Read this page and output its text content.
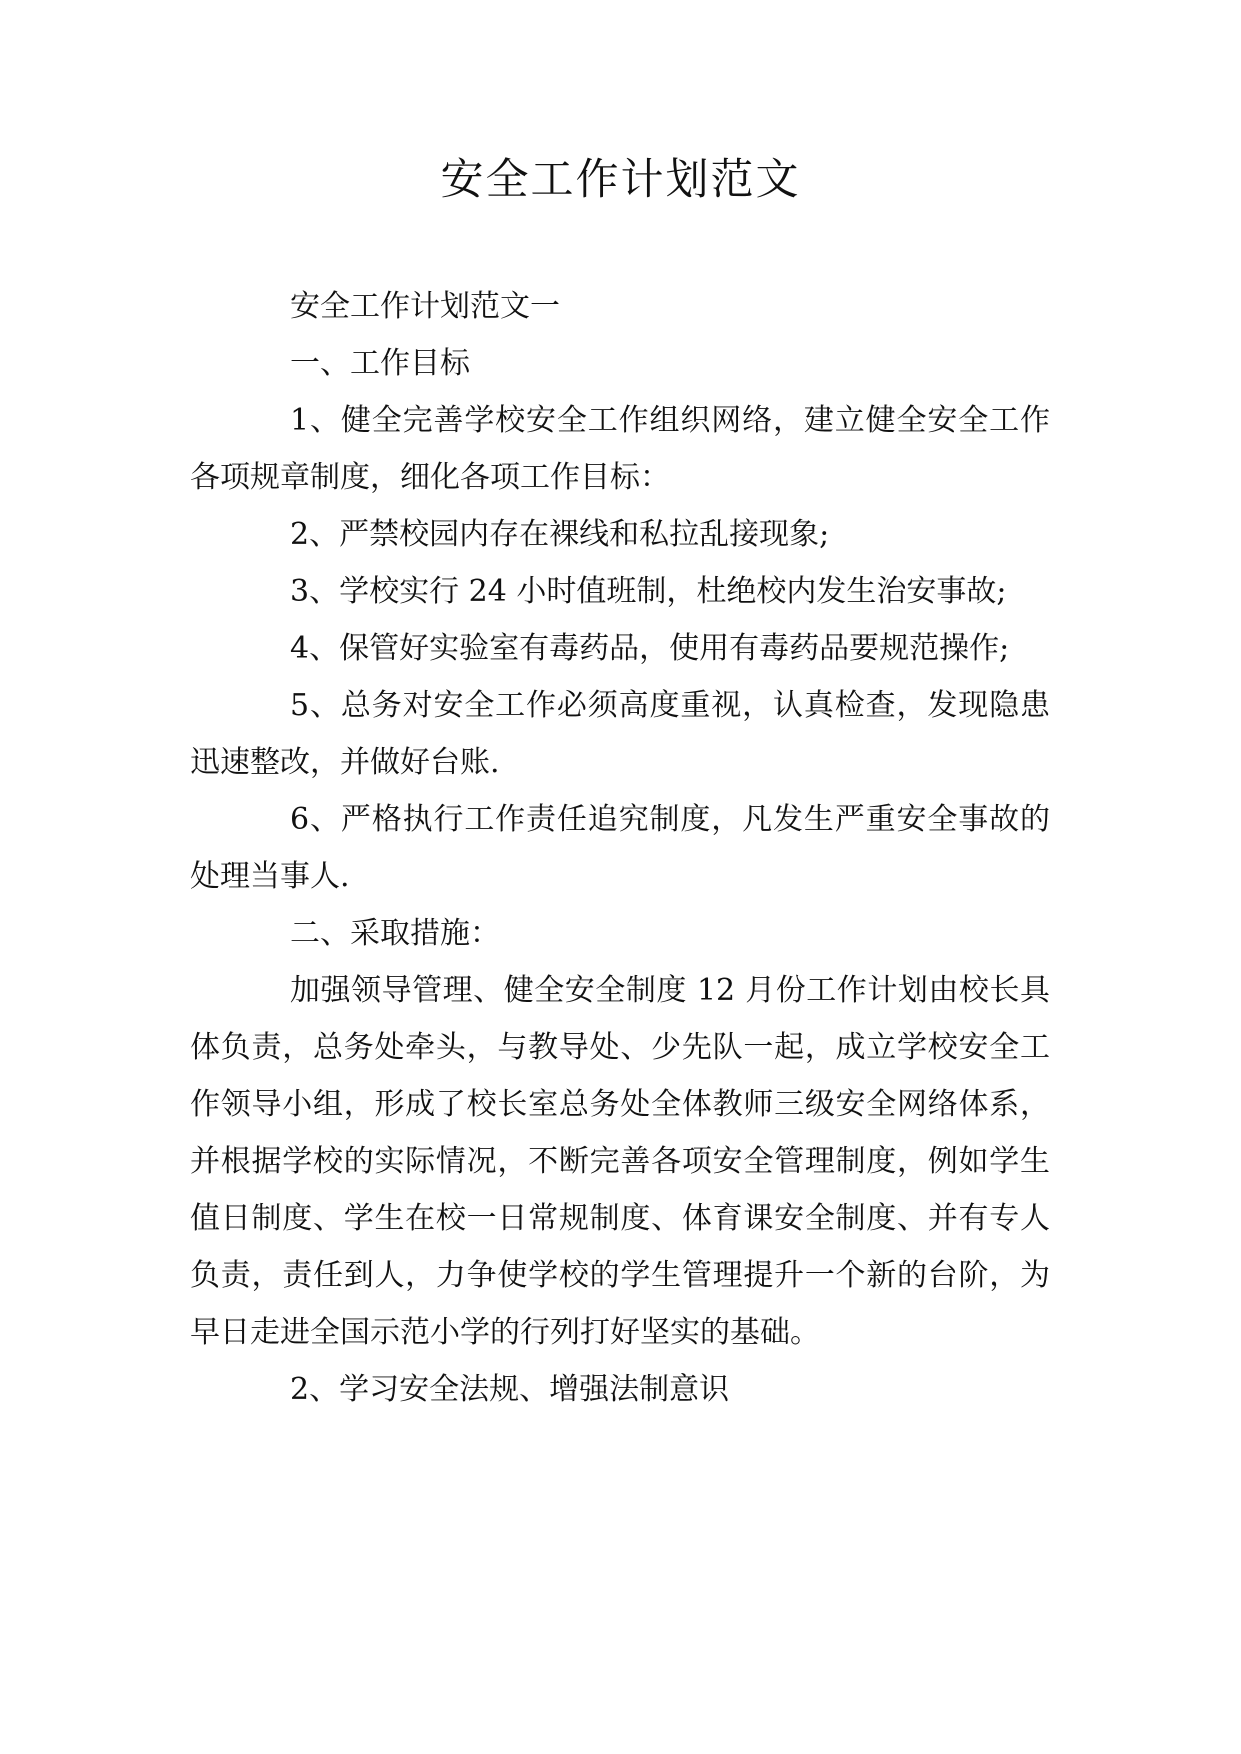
安全工作计划范文

安全工作计划范文一

一、工作目标

1、健全完善学校安全工作组织网络，建立健全安全工作各项规章制度，细化各项工作目标：

2、严禁校园内存在裸线和私拉乱接现象;

3、学校实行 24 小时值班制，杜绝校内发生治安事故;

4、保管好实验室有毒药品，使用有毒药品要规范操作;

5、总务对安全工作必须高度重视，认真检查，发现隐患迅速整改，并做好台账.

6、严格执行工作责任追究制度，凡发生严重安全事故的处理当事人.

二、采取措施：

加强领导管理、健全安全制度 12 月份工作计划由校长具体负责，总务处牵头，与教导处、少先队一起，成立学校安全工作领导小组，形成了校长室总务处全体教师三级安全网络体系，并根据学校的实际情况，不断完善各项安全管理制度，例如学生值日制度、学生在校一日常规制度、体育课安全制度、并有专人负责，责任到人，力争使学校的学生管理提升一个新的台阶，为早日走进全国示范小学的行列打好坚实的基础。

2、学习安全法规、增强法制意识
